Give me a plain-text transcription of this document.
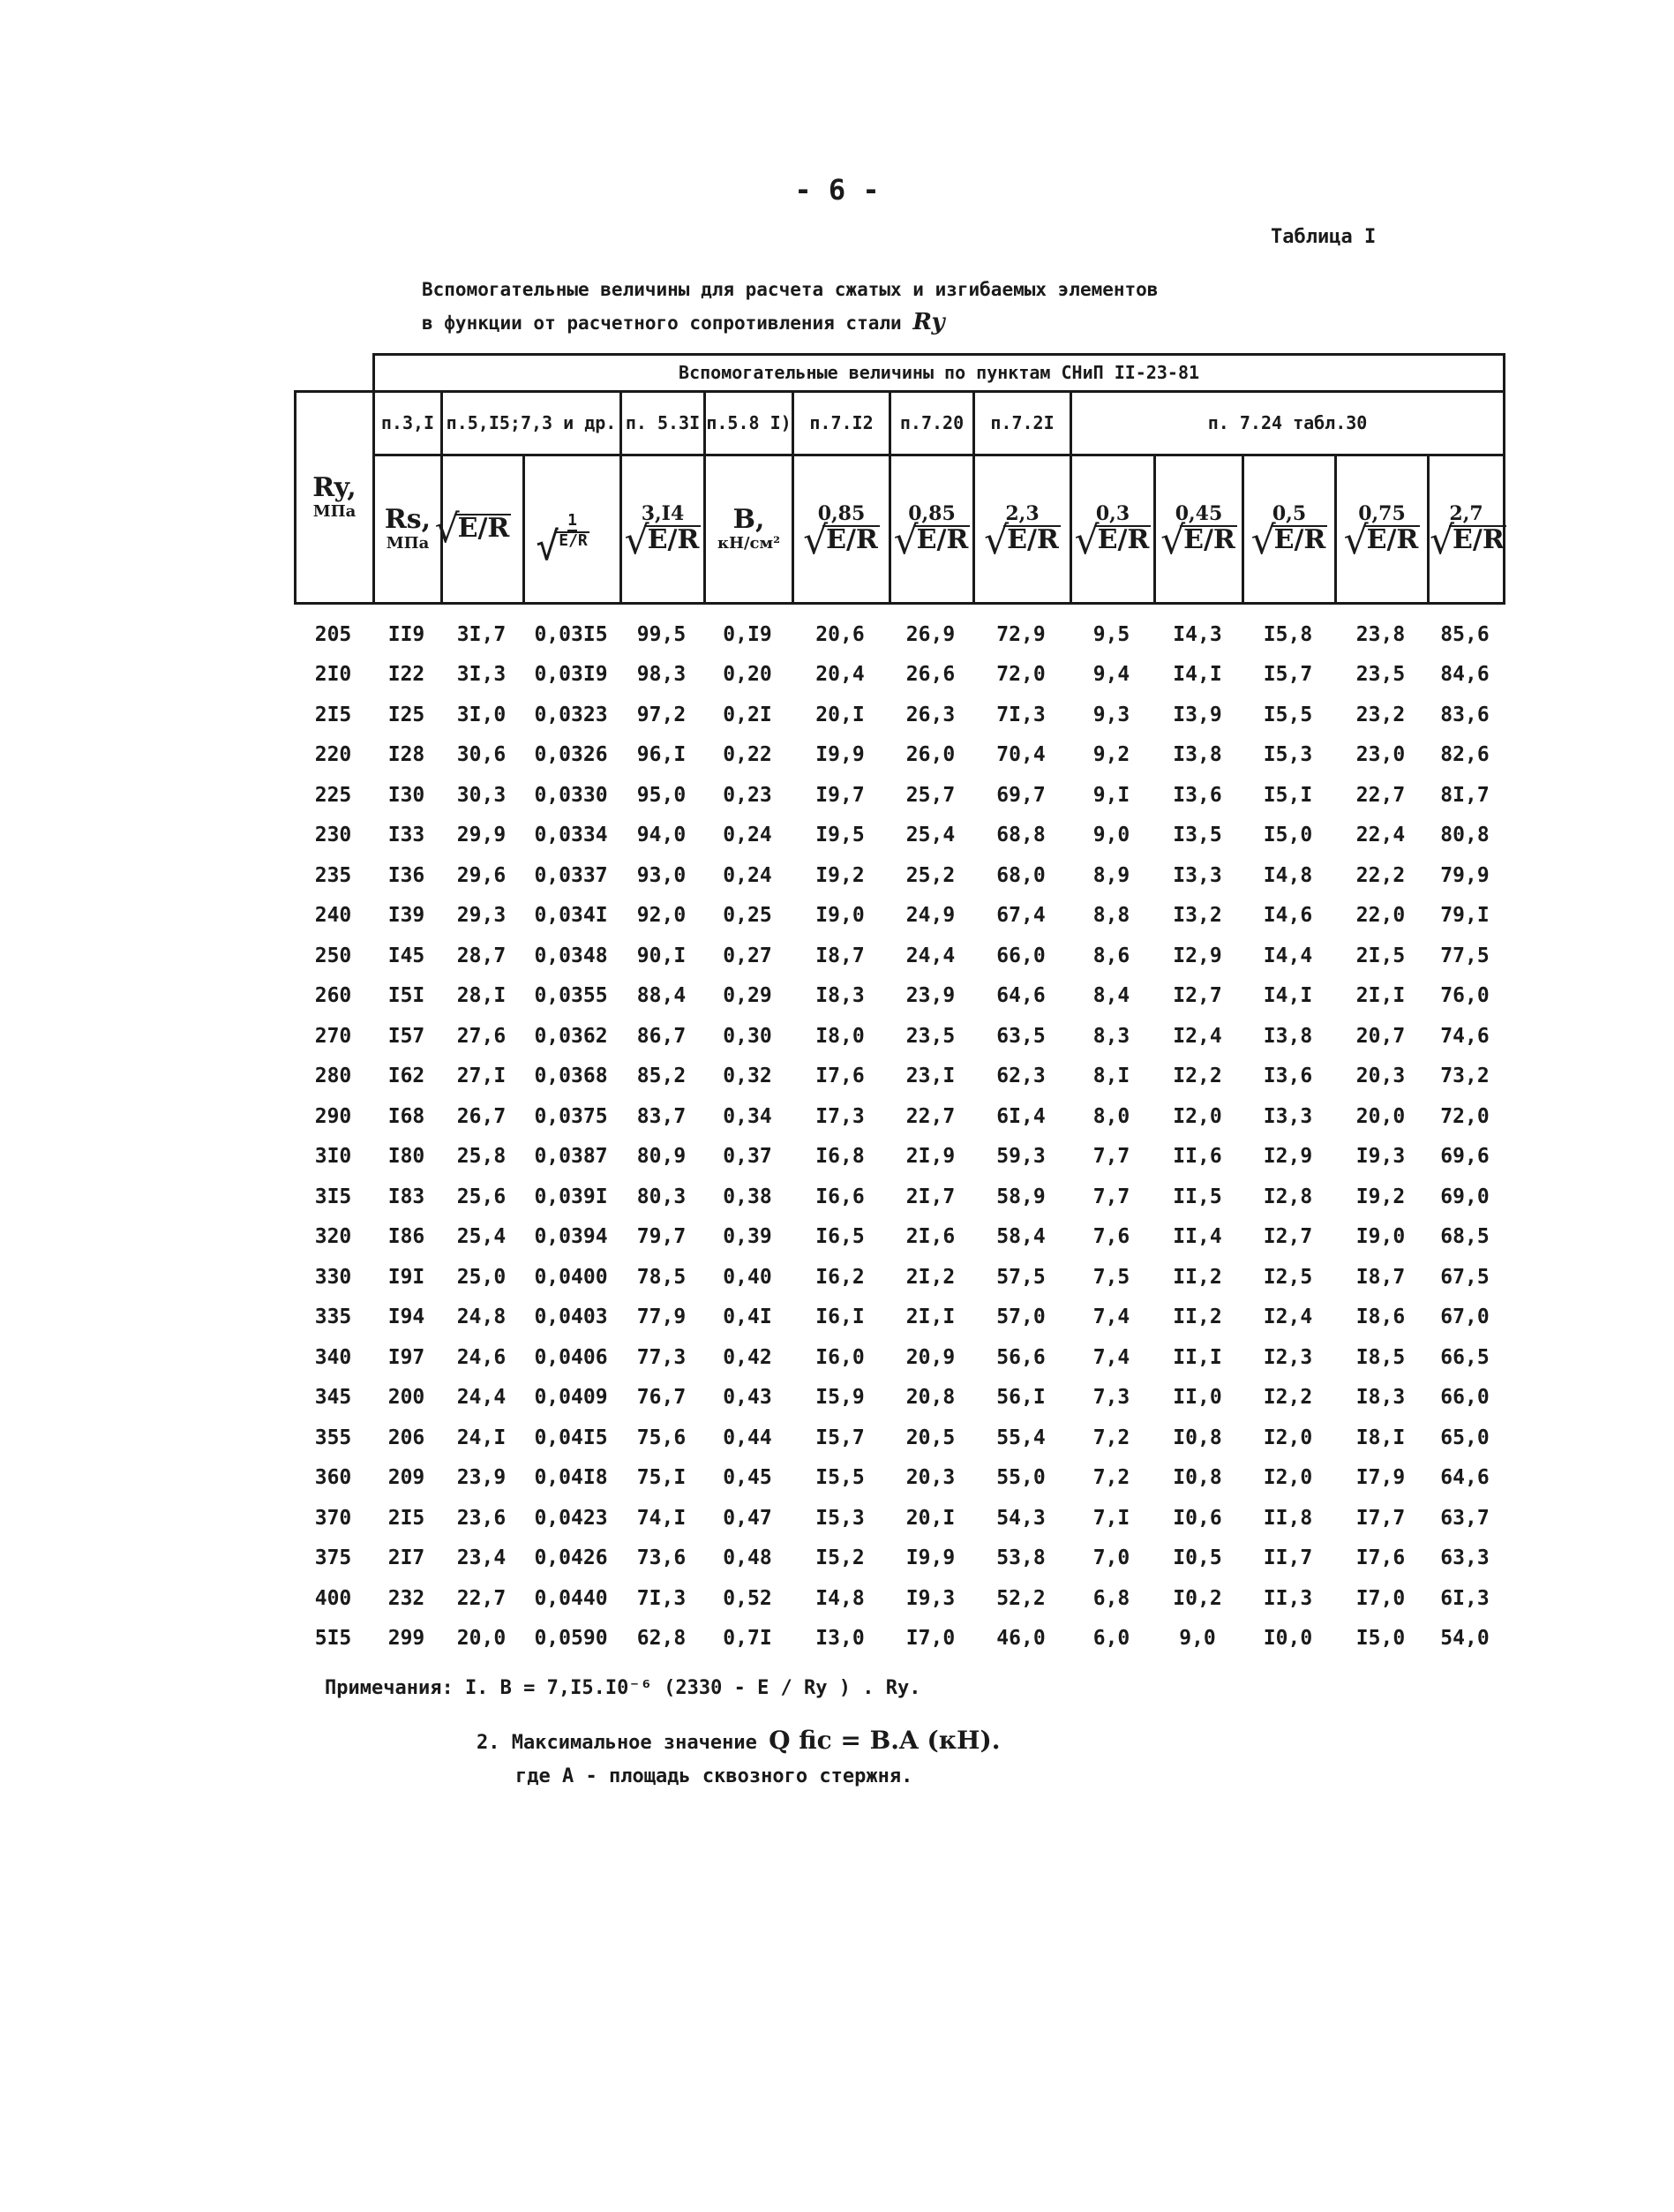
- 6 -
Таблица I
Вспомогательные величины для расчета сжатых и изгибаемых элементов
в функции от расчетного сопротивления стали Ry
	Вспомогательные величины по пунктам СНиП II-23-81												
Ry,
МПа	п.3,I	п.5,I5;7,3 и др.		п. 5.3I	п.5.8 I)	п.7.I2	п.7.20	п.7.2I	п. 7.24 табл.30				
	Rs,
МПа	√ E/R	1
√ E/R	3,I4 √ E/R	B,
кН/см²	0,85 √ E/R	0,85 √ E/R	2,3 √ E/R	0,3 √ E/R	0,45 √ E/R	0,5 √ E/R	0,75 √ E/R	2,7 √ E/R
205	II9	3I,7	0,03I5	99,5	0,I9	20,6	26,9	72,9	9,5	I4,3	I5,8	23,8	85,6
2I0	I22	3I,3	0,03I9	98,3	0,20	20,4	26,6	72,0	9,4	I4,I	I5,7	23,5	84,6
2I5	I25	3I,0	0,0323	97,2	0,2I	20,I	26,3	7I,3	9,3	I3,9	I5,5	23,2	83,6
220	I28	30,6	0,0326	96,I	0,22	I9,9	26,0	70,4	9,2	I3,8	I5,3	23,0	82,6
225	I30	30,3	0,0330	95,0	0,23	I9,7	25,7	69,7	9,I	I3,6	I5,I	22,7	8I,7
230	I33	29,9	0,0334	94,0	0,24	I9,5	25,4	68,8	9,0	I3,5	I5,0	22,4	80,8
235	I36	29,6	0,0337	93,0	0,24	I9,2	25,2	68,0	8,9	I3,3	I4,8	22,2	79,9
240	I39	29,3	0,034I	92,0	0,25	I9,0	24,9	67,4	8,8	I3,2	I4,6	22,0	79,I
250	I45	28,7	0,0348	90,I	0,27	I8,7	24,4	66,0	8,6	I2,9	I4,4	2I,5	77,5
260	I5I	28,I	0,0355	88,4	0,29	I8,3	23,9	64,6	8,4	I2,7	I4,I	2I,I	76,0
270	I57	27,6	0,0362	86,7	0,30	I8,0	23,5	63,5	8,3	I2,4	I3,8	20,7	74,6
280	I62	27,I	0,0368	85,2	0,32	I7,6	23,I	62,3	8,I	I2,2	I3,6	20,3	73,2
290	I68	26,7	0,0375	83,7	0,34	I7,3	22,7	6I,4	8,0	I2,0	I3,3	20,0	72,0
3I0	I80	25,8	0,0387	80,9	0,37	I6,8	2I,9	59,3	7,7	II,6	I2,9	I9,3	69,6
3I5	I83	25,6	0,039I	80,3	0,38	I6,6	2I,7	58,9	7,7	II,5	I2,8	I9,2	69,0
320	I86	25,4	0,0394	79,7	0,39	I6,5	2I,6	58,4	7,6	II,4	I2,7	I9,0	68,5
330	I9I	25,0	0,0400	78,5	0,40	I6,2	2I,2	57,5	7,5	II,2	I2,5	I8,7	67,5
335	I94	24,8	0,0403	77,9	0,4I	I6,I	2I,I	57,0	7,4	II,2	I2,4	I8,6	67,0
340	I97	24,6	0,0406	77,3	0,42	I6,0	20,9	56,6	7,4	II,I	I2,3	I8,5	66,5
345	200	24,4	0,0409	76,7	0,43	I5,9	20,8	56,I	7,3	II,0	I2,2	I8,3	66,0
355	206	24,I	0,04I5	75,6	0,44	I5,7	20,5	55,4	7,2	I0,8	I2,0	I8,I	65,0
360	209	23,9	0,04I8	75,I	0,45	I5,5	20,3	55,0	7,2	I0,8	I2,0	I7,9	64,6
370	2I5	23,6	0,0423	74,I	0,47	I5,3	20,I	54,3	7,I	I0,6	II,8	I7,7	63,7
375	2I7	23,4	0,0426	73,6	0,48	I5,2	I9,9	53,8	7,0	I0,5	II,7	I7,6	63,3
400	232	22,7	0,0440	7I,3	0,52	I4,8	I9,3	52,2	6,8	I0,2	II,3	I7,0	6I,3
5I5	299	20,0	0,0590	62,8	0,7I	I3,0	I7,0	46,0	6,0	9,0	I0,0	I5,0	54,0
Примечания: I. B = 7,I5.I0⁻⁶ (2330 - E / Ry ) . Ry.
2. Максимальное значение Q fic = B.A (кН).
где A - площадь сквозного стержня.
